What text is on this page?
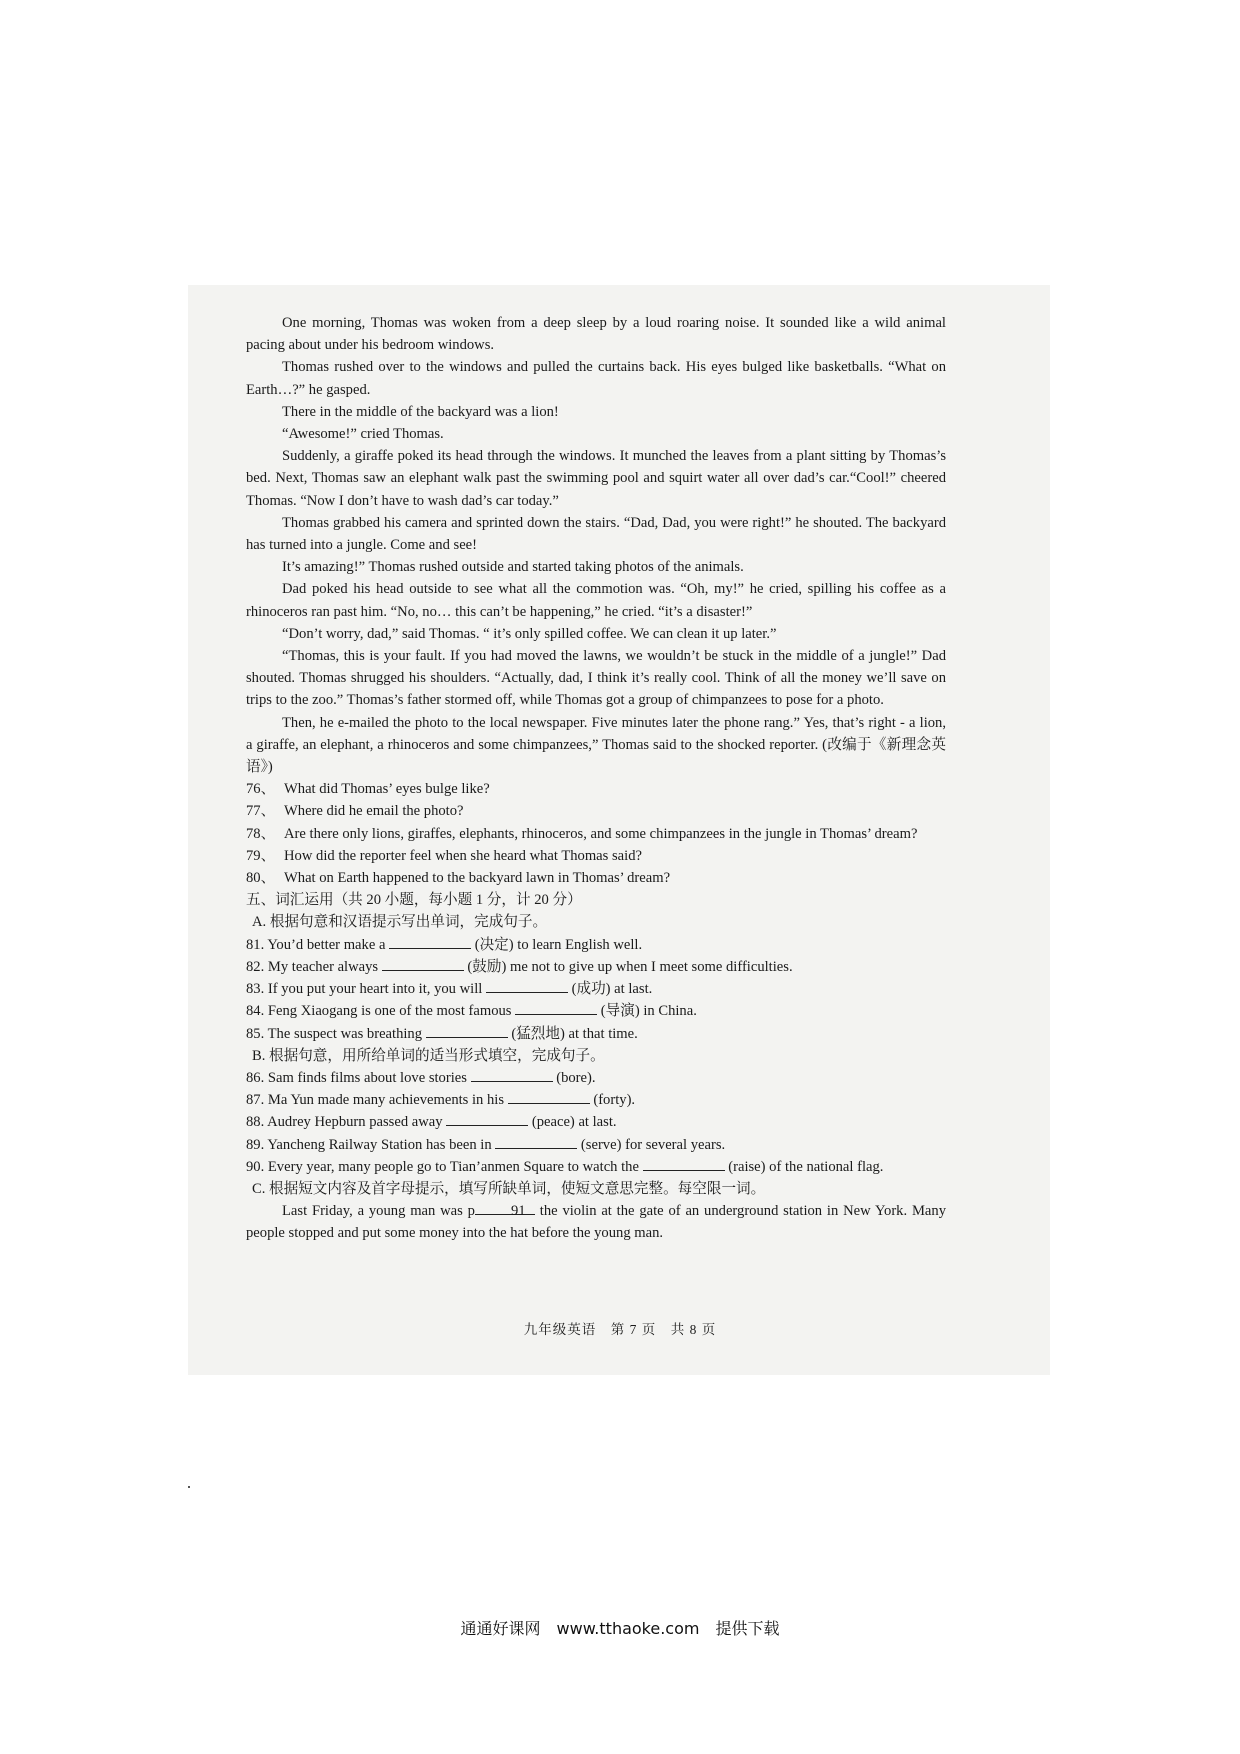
One morning, Thomas was woken from a deep sleep by a loud roaring noise. It sounded like a wild animal pacing about under his bedroom windows.

Thomas rushed over to the windows and pulled the curtains back. His eyes bulged like basketballs. “What on Earth…?” he gasped.

There in the middle of the backyard was a lion!

“Awesome!” cried Thomas.

Suddenly, a giraffe poked its head through the windows. It munched the leaves from a plant sitting by Thomas’s bed. Next, Thomas saw an elephant walk past the swimming pool and squirt water all over dad’s car.“Cool!” cheered Thomas. “Now I don’t have to wash dad’s car today.”

Thomas grabbed his camera and sprinted down the stairs. “Dad, Dad, you were right!” he shouted. The backyard has turned into a jungle. Come and see!

It’s amazing!” Thomas rushed outside and started taking photos of the animals.

Dad poked his head outside to see what all the commotion was. “Oh, my!” he cried, spilling his coffee as a rhinoceros ran past him. “No, no… this can’t be happening,” he cried. “it’s a disaster!”

“Don’t worry, dad,” said Thomas. “ it’s only spilled coffee. We can clean it up later.”

“Thomas, this is your fault. If you had moved the lawns, we wouldn’t be stuck in the middle of a jungle!” Dad shouted. Thomas shrugged his shoulders. “Actually, dad, I think it’s really cool. Think of all the money we’ll save on trips to the zoo.” Thomas’s father stormed off, while Thomas got a group of chimpanzees to pose for a photo.

Then, he e-mailed the photo to the local newspaper. Five minutes later the phone rang.” Yes, that’s right - a lion, a giraffe, an elephant, a rhinoceros and some chimpanzees,” Thomas said to the shocked reporter. (改编于《新理念英语》)

76、 What did Thomas’ eyes bulge like?
77、 Where did he email the photo?
78、 Are there only lions, giraffes, elephants, rhinoceros, and some chimpanzees in the jungle in Thomas’ dream?
79、 How did the reporter feel when she heard what Thomas said?
80、 What on Earth happened to the backyard lawn in Thomas’ dream?

五、词汇运用（共 20 小题，每小题 1 分，计 20 分）

A. 根据句意和汉语提示写出单词，完成句子。

81. You’d better make a	(决定) to learn English well.

82. My teacher always	(鼓励) me not to give up when I meet some difficulties.

83. If you put your heart into it, you will	(成功) at last.

84. Feng Xiaogang is one of the most famous	(导演) in China.

85. The suspect was breathing	(猛烈地) at that time.

B. 根据句意，用所给单词的适当形式填空，完成句子。

86. Sam finds films about love stories	(bore).

87. Ma Yun made many achievements in his	(forty).

88. Audrey Hepburn passed away	(peace) at last.

89. Yancheng Railway Station has been in	(serve) for several years.

90. Every year, many people go to Tian’anmen Square to watch the	(raise) of the national flag.

C. 根据短文内容及首字母提示，填写所缺单词，使短文意思完整。每空限一词。

Last Friday, a young man was p 91 the violin at the gate of an underground station in New York. Many people stopped and put some money into the hat before the young man.

九年级英语　第 7 页　共 8 页
通通好课网　www.tthaoke.com　提供下载
